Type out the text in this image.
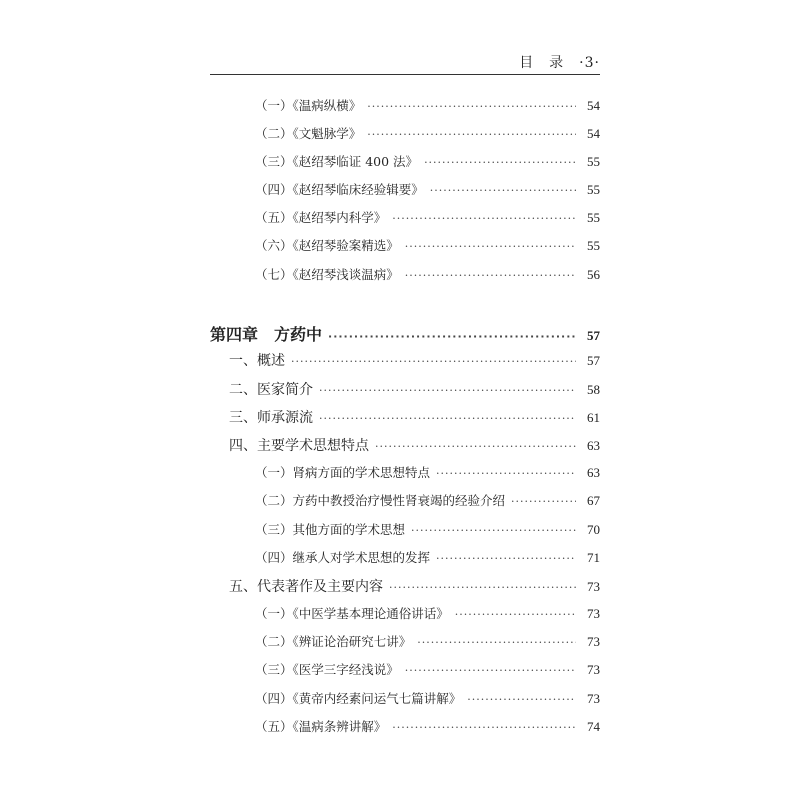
目　录　·3·
（一）《温病纵横》 ·····	54
（二）《文魁脉学》 ·····	54
（三）《赵绍琴临证 400 法》 ·····	55
（四）《赵绍琴临床经验辑要》 ·····	55
（五）《赵绍琴内科学》 ·····	55
（六）《赵绍琴验案精选》 ·····	55
（七）《赵绍琴浅谈温病》 ·····	56
第四章　方药中 ·····	57
一、概述 ·····	57
二、医家简介 ·····	58
三、师承源流 ·····	61
四、主要学术思想特点 ·····	63
（一）肾病方面的学术思想特点 ·····	63
（二）方药中教授治疗慢性肾衰竭的经验介绍 ·····	67
（三）其他方面的学术思想 ·····	70
（四）继承人对学术思想的发挥 ·····	71
五、代表著作及主要内容 ·····	73
（一）《中医学基本理论通俗讲话》 ·····	73
（二）《辨证论治研究七讲》 ·····	73
（三）《医学三字经浅说》 ·····	73
（四）《黄帝内经素问运气七篇讲解》 ·····	73
（五）《温病条辨讲解》 ·····	74
